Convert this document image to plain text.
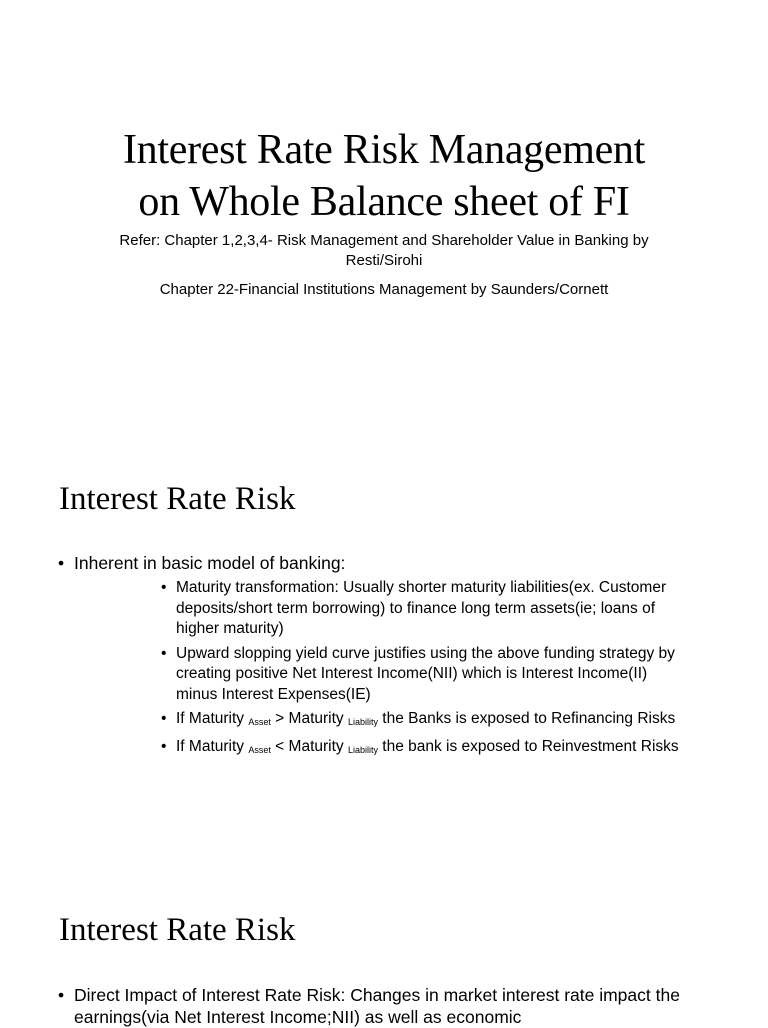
Interest Rate Risk Management
on Whole Balance sheet of FI

Refer: Chapter 1,2,3,4- Risk Management and Shareholder Value in Banking by Resti/Sirohi

Chapter 22-Financial Institutions Management by Saunders/Cornett

Interest Rate Risk
• Inherent in basic model of banking:
• Maturity transformation: Usually shorter maturity liabilities(ex. Customer deposits/short term borrowing) to finance long term assets(ie; loans of higher maturity)
• Upward slopping yield curve justifies using the above funding strategy by creating positive Net Interest Income(NII) which is Interest Income(II) minus Interest Expenses(IE)
• If Maturity Asset > Maturity Liability the Banks is exposed to Refinancing Risks
• If Maturity Asset < Maturity Liability the bank is exposed to Reinvestment Risks
Interest Rate Risk
• Direct Impact of Interest Rate Risk: Changes in market interest rate impact the earnings(via Net Interest Income;NII) as well as economic
